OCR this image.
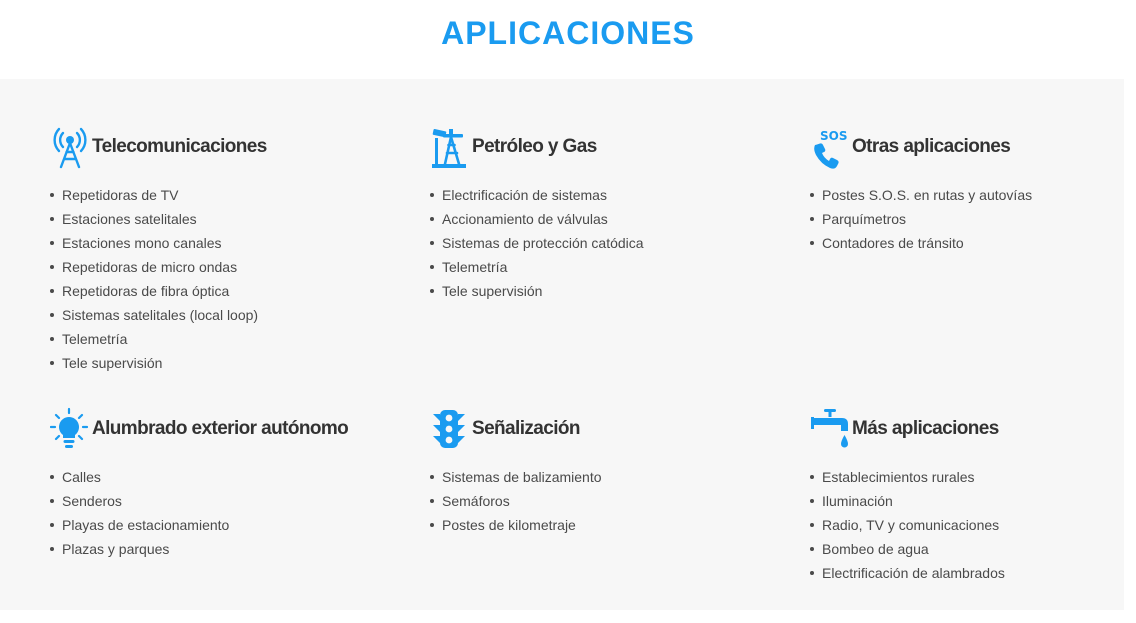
APLICACIONES
Telecomunicaciones
Repetidoras de TV
Estaciones satelitales
Estaciones mono canales
Repetidoras de micro ondas
Repetidoras de fibra óptica
Sistemas satelitales (local loop)
Telemetría
Tele supervisión
Petróleo y Gas
Electrificación de sistemas
Accionamiento de válvulas
Sistemas de protección catódica
Telemetría
Tele supervisión
SOS Otras aplicaciones
Postes S.O.S. en rutas y autovías
Parquímetros
Contadores de tránsito
Alumbrado exterior autónomo
Calles
Senderos
Playas de estacionamiento
Plazas y parques
Señalización
Sistemas de balizamiento
Semáforos
Postes de kilometraje
Más aplicaciones
Establecimientos rurales
Iluminación
Radio, TV y comunicaciones
Bombeo de agua
Electrificación de alambrados
